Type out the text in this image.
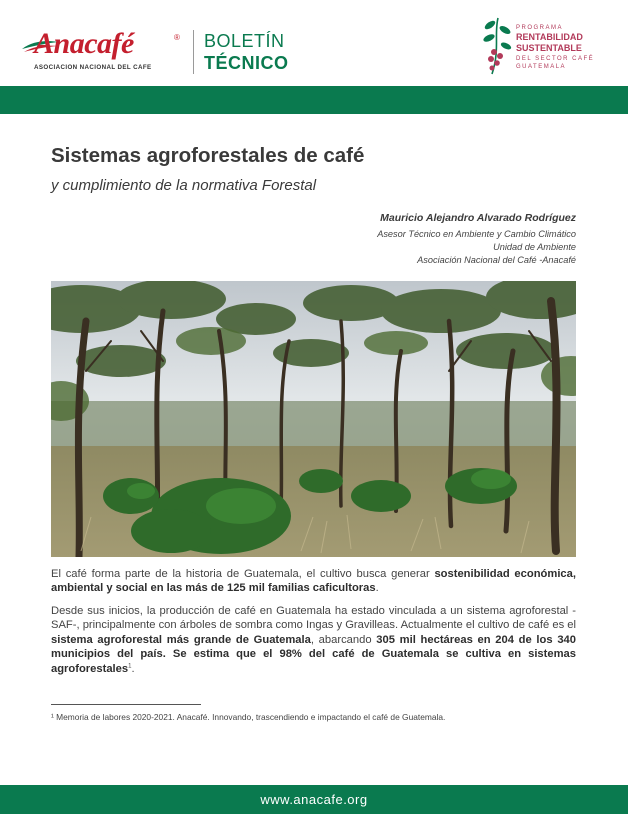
Anacafé	®
ASOCIACION NACIONAL DEL CAFE
BOLETÍN
TÉCNICO
PROGRAMA
RENTABILIDAD
SUSTENTABLE
DEL SECTOR CAFÉ
GUATEMALA
Sistemas agroforestales de café
y cumplimiento de la normativa Forestal
Mauricio Alejandro Alvarado Rodríguez
Asesor Técnico en Ambiente y Cambio Climático
Unidad de Ambiente
Asociación Nacional del Café -Anacafé

El café forma parte de la historia de Guatemala, el cultivo busca generar sostenibilidad económica, ambiental y social en las más de 125 mil familias caficultoras.

Desde sus inicios, la producción de café en Guatemala ha estado vinculada a un sistema agroforestal -SAF-, principalmente con árboles de sombra como Ingas y Gravilleas. Actualmente el cultivo de café es el sistema agroforestal más grande de Guatemala, abarcando 305 mil hectáreas en 204 de los 340 municipios del país. Se estima que el 98% del café de Guatemala se cultiva en sistemas agroforestales$^1$.

¹ Memoria de labores 2020-2021. Anacafé. Innovando, trascendiendo e impactando el café de Guatemala.
www.anacafe.org
